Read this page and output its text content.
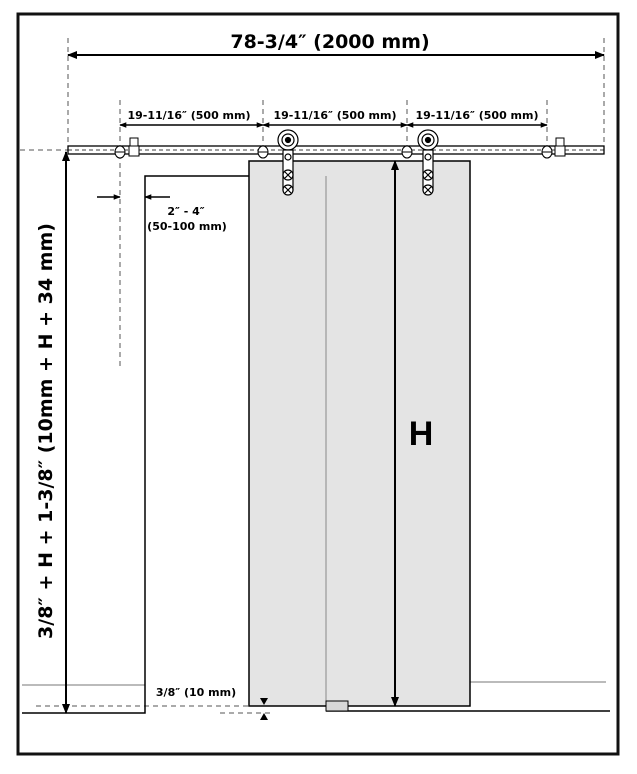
78-3/4″ (2000 mm)
19-11/16″ (500 mm) 19-11/16″ (500 mm) 19-11/16″ (500 mm)
2″ - 4″
(50-100 mm)
H
3/8″ + H + 1-3/8″ (10mm + H + 34 mm)
3/8″ (10 mm)
